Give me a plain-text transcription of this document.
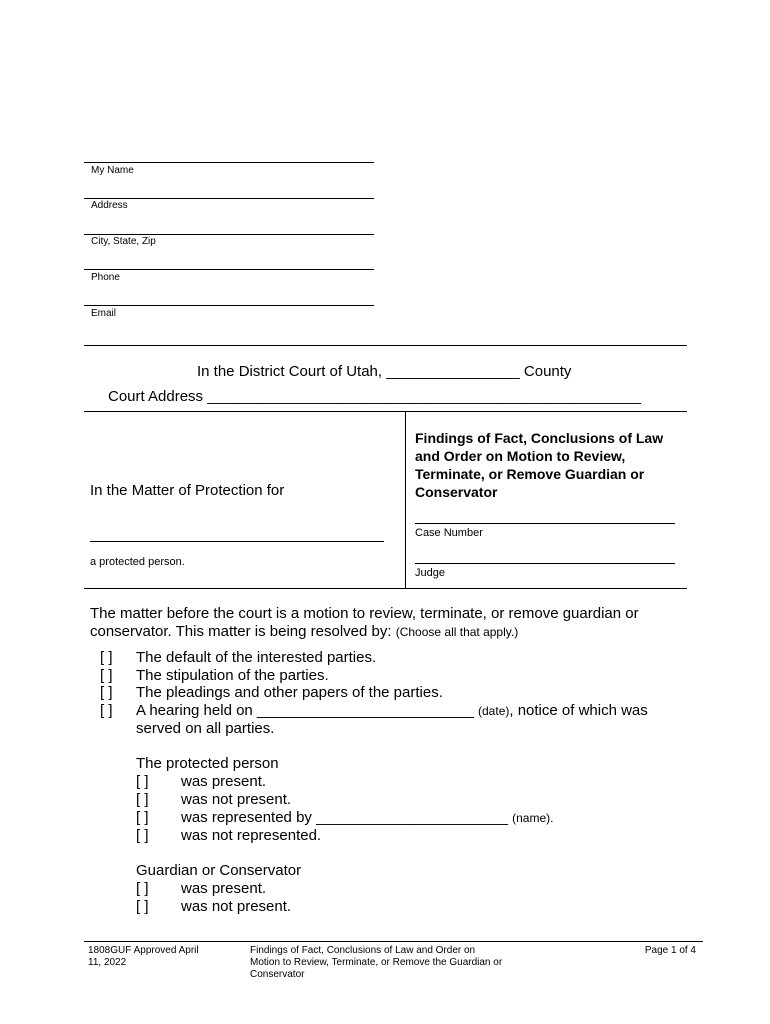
My Name
Address
City, State, Zip
Phone
Email
In the District Court of Utah, ________________ County
Court Address ____________________________________________________
In the Matter of Protection for
a protected person.
Findings of Fact, Conclusions of Law and Order on Motion to Review, Terminate, or Remove Guardian or Conservator
Case Number
Judge
The matter before the court is a motion to review, terminate, or remove guardian or
conservator. This matter is being resolved by: (Choose all that apply.)
[ ] The default of the interested parties.
[ ] The stipulation of the parties.
[ ] The pleadings and other papers of the parties.
[ ] A hearing held on __________________________ (date), notice of which was
served on all parties.
The protected person
[ ] was present.
[ ] was not present.
[ ] was represented by _______________________ (name).
[ ] was not represented.
Guardian or Conservator
[ ] was present.
[ ] was not present.
1808GUF Approved April
11, 2022
Findings of Fact, Conclusions of Law and Order on
Motion to Review, Terminate, or Remove the Guardian or
Conservator
Page 1 of 4
